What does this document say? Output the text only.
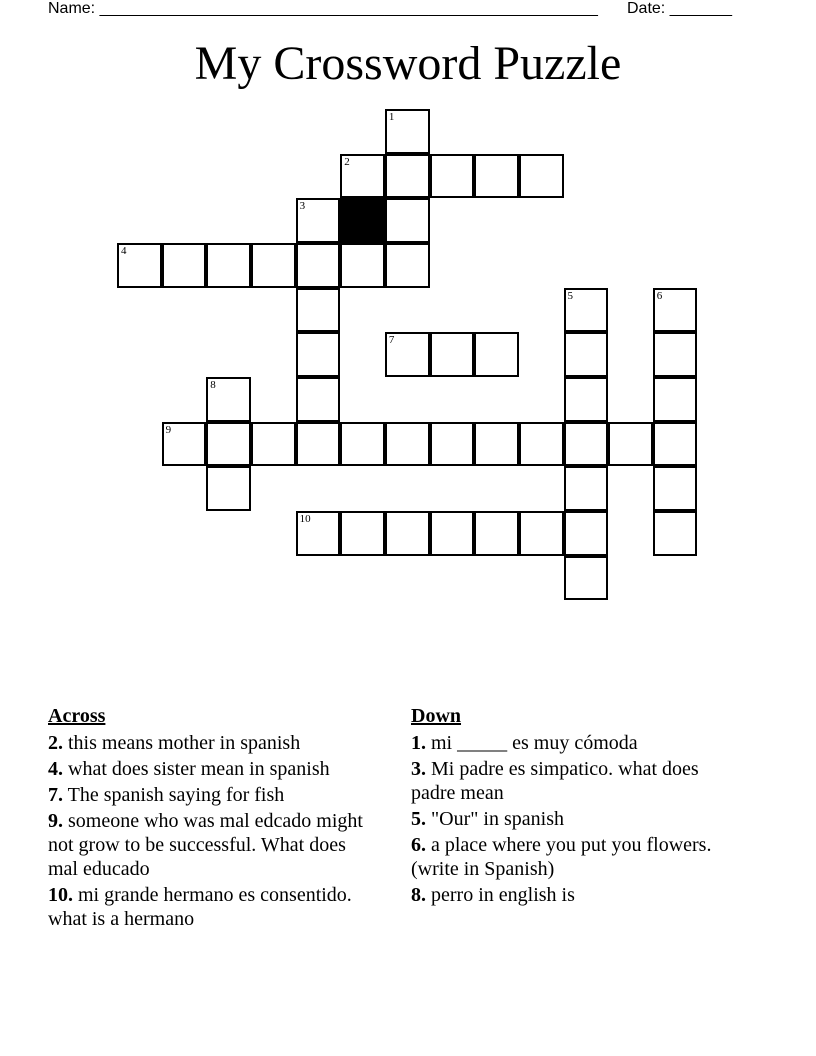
Name: ________________________________________________________ Date: _______
My Crossword Puzzle
1
2
3
4
5	6
7
8
9
10
Across
2. this means mother in spanish
4. what does sister mean in spanish
7. The spanish saying for fish
9. someone who was mal edcado might not grow to be successful. What does mal educado
10. mi grande hermano es consentido. what is a hermano
Down
1. mi _____ es muy cómoda
3. Mi padre es simpatico. what does padre mean
5. "Our" in spanish
6. a place where you put you flowers.(write in Spanish)
8. perro in english is
